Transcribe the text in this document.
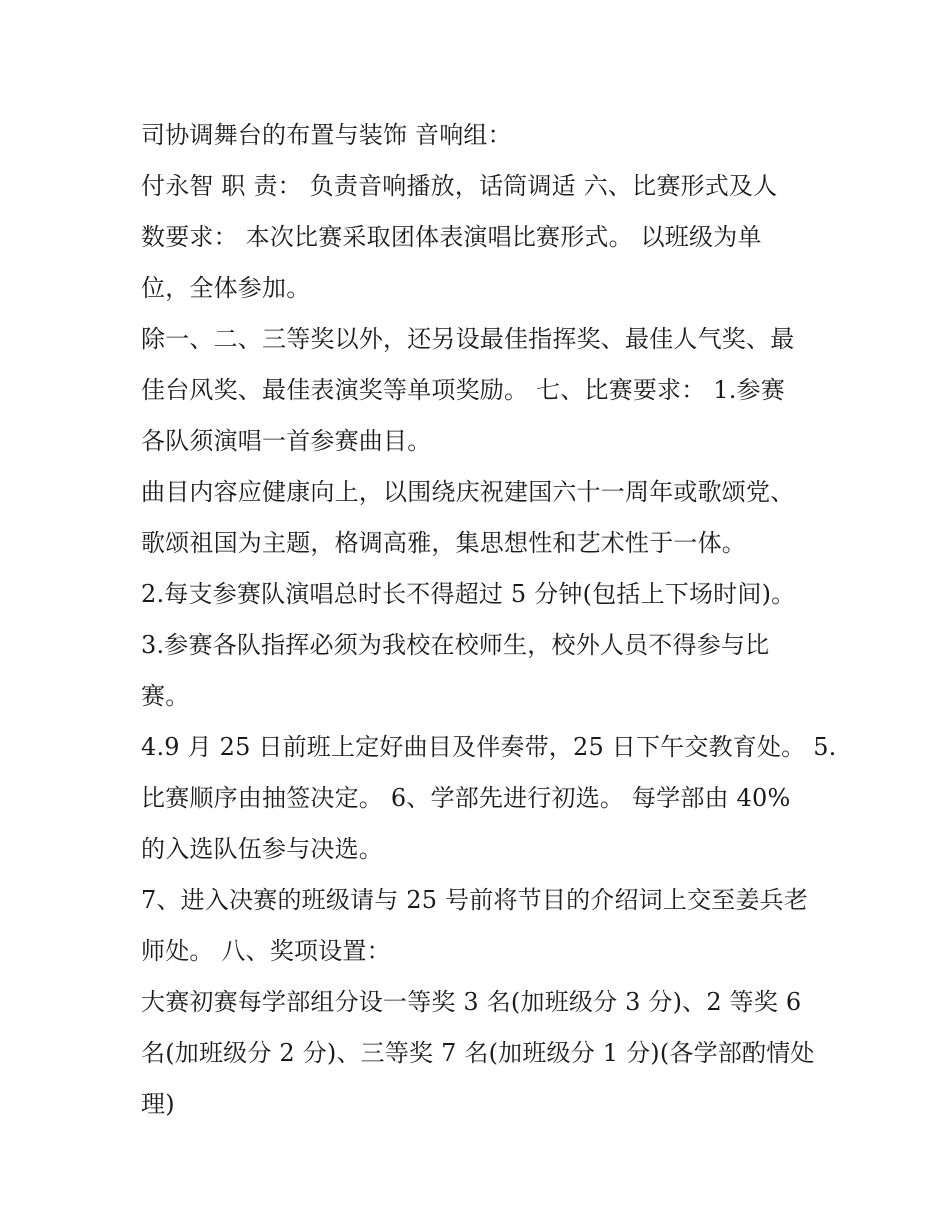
司协调舞台的布置与装饰 音响组：

付永智 职 责： 负责音响播放，话筒调适 六、比赛形式及人

数要求： 本次比赛采取团体表演唱比赛形式。 以班级为单

位，全体参加。

除一、二、三等奖以外，还另设最佳指挥奖、最佳人气奖、最

佳台风奖、最佳表演奖等单项奖励。 七、比赛要求： 1.参赛

各队须演唱一首参赛曲目。

曲目内容应健康向上，以围绕庆祝建国六十一周年或歌颂党、

歌颂祖国为主题，格调高雅，集思想性和艺术性于一体。

2.每支参赛队演唱总时长不得超过 5 分钟(包括上下场时间)。

3.参赛各队指挥必须为我校在校师生，校外人员不得参与比

赛。

4.9 月 25 日前班上定好曲目及伴奏带，25 日下午交教育处。 5.

比赛顺序由抽签决定。 6、学部先进行初选。 每学部由 40%

的入选队伍参与决选。

7、进入决赛的班级请与 25 号前将节目的介绍词上交至姜兵老

师处。 八、奖项设置：

大赛初赛每学部组分设一等奖 3 名(加班级分 3 分)、2 等奖 6

名(加班级分 2 分)、三等奖 7 名(加班级分 1 分)(各学部酌情处

理)
